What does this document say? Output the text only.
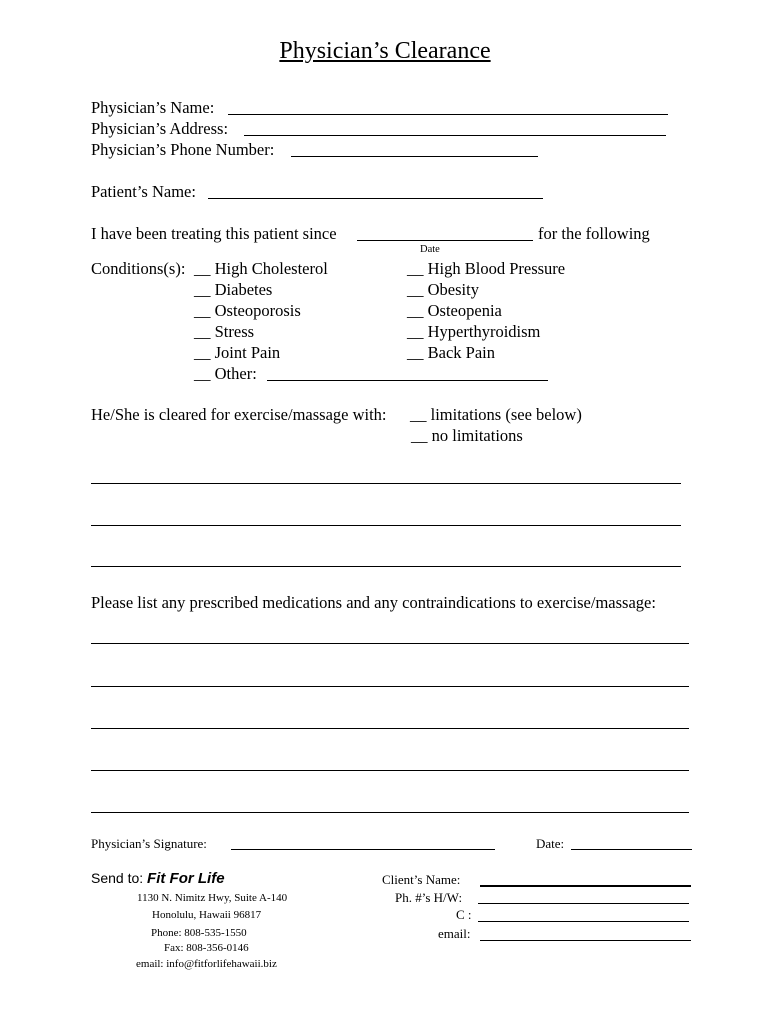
Physician’s Clearance
Physician’s Name:
Physician’s Address:
Physician’s Phone Number:
Patient’s Name:
I have been treating this patient since	for the following
Date
Conditions(s): __ High Cholesterol
__ Diabetes
__ Osteoporosis
__ Stress
__ Joint Pain
__ Other:
__ High Blood Pressure
__ Obesity
__ Osteopenia
__ Hyperthyroidism
__ Back Pain
He/She is cleared for exercise/massage with: __ limitations (see below)
__ no limitations
Please list any prescribed medications and any contraindications to exercise/massage:
Physician’s Signature:	Date:
Send to: Fit For Life
1130 N. Nimitz Hwy, Suite A-140
Honolulu, Hawaii 96817
Phone: 808-535-1550
Fax: 808-356-0146
email: info@fitforlifehawaii.biz
Client’s Name:
Ph. #’s H/W:
C :
email:
